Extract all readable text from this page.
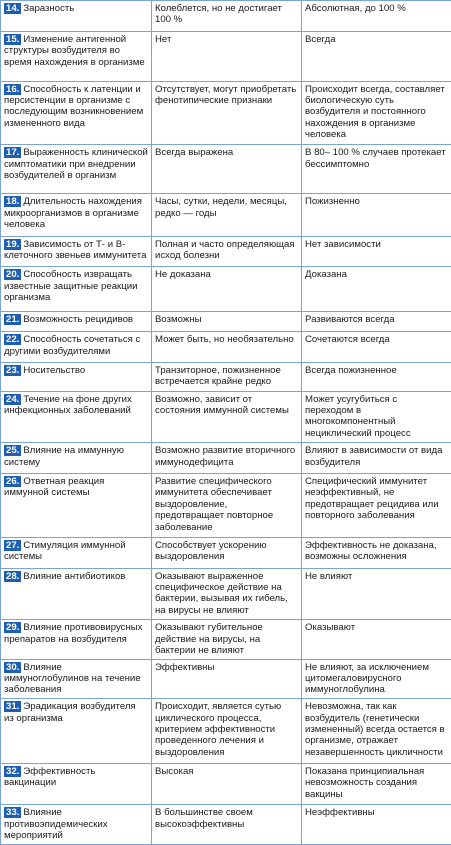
14. Заразность	Колеблется, но не достигает 100 %	Абсолютная, до 100 %
15. Изменение антигенной структуры возбудителя во время нахождения в организме	Нет	Всегда
16. Способность к латенции и персистенции в организме с последующим возникновением измененного вида	Отсутствует, могут приобретать фенотипические признаки	Происходит всегда, составляет биологическую суть возбудителя и постоянного нахождения в организме человека
17. Выраженность клинической симптоматики при внедрении возбудителей в организм	Всегда выражена	В 80– 100 % случаев протекает бессимптомно
18. Длительность нахождения микроорганизмов в организме человека	Часы, сутки, недели, месяцы, редко — годы	Пожизненно
19. Зависимость от Т- и В- клеточного звеньев иммунитета	Полная и часто определяющая исход болезни	Нет зависимости
20. Способность извращать известные защитные реакции организма	Не доказана	Доказана
21. Возможность рецидивов	Возможны	Развиваются всегда
22. Способность сочетаться с другими возбудителями	Может быть, но необязательно	Сочетаются всегда
23. Носительство	Транзиторное, пожизненное встречается крайне редко	Всегда пожизненное
24. Течение на фоне других инфекционных заболеваний	Возможно, зависит от состояния иммунной системы	Может усугубиться с переходом в многокомпонентный нециклический процесс
25. Влияние на иммунную систему	Возможно развитие вторичного иммунодефицита	Влияют в зависимости от вида возбудителя
26. Ответная реакция иммунной системы	Развитие специфического иммунитета обеспечивает выздоровление, предотвращает повторное заболевание	Специфический иммунитет неэффективный, не предотвращает рецидива или повторного заболевания
27. Стимуляция иммунной системы	Способствует ускорению выздоровления	Эффективность не доказана, возможны осложнения
28. Влияние антибиотиков	Оказывают выраженное специфическое действие на бактерии, вызывая их гибель, на вирусы не влияют	Не влияют
29. Влияние противовирусных препаратов на возбудителя	Оказывают губительное действие на вирусы, на бактерии не влияют	Оказывают
30. Влияние иммуноглобулинов на течение заболевания	Эффективны	Не влияют, за исключением цитомегаловирусного иммуноглобулина
31. Эрадикация возбудителя из организма	Происходит, является сутью циклического процесса, критерием эффективности проведенного лечения и выздоровления	Невозможна, так как возбудитель (генетически измененный) всегда остается в организме, отражает незавершенность цикличности
32. Эффективность вакцинации	Высокая	Показана принципиальная невозможность создания вакцины
33. Влияние противоэпидемических мероприятий	В большинстве своем высокоэффективны	Неэффективны
